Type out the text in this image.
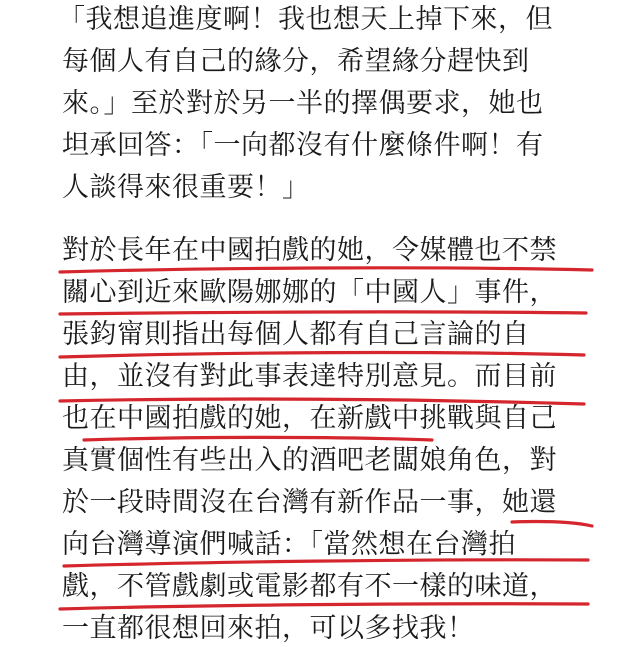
「我想追進度啊！我也想天上掉下來，但
每個人有自己的緣分，希望緣分趕快到
來。」至於對於另一半的擇偶要求，她也
坦承回答：「一向都沒有什麼條件啊！有
人談得來很重要！」
對於長年在中國拍戲的她，令媒體也不禁
關心到近來歐陽娜娜的「中國人」事件，
張鈞甯則指出每個人都有自己言論的自
由，並沒有對此事表達特別意見。而目前
也在中國拍戲的她，在新戲中挑戰與自己
真實個性有些出入的酒吧老闆娘角色，對
於一段時間沒在台灣有新作品一事，她還
向台灣導演們喊話：「當然想在台灣拍
戲，不管戲劇或電影都有不一樣的味道，
一直都很想回來拍，可以多找我！
